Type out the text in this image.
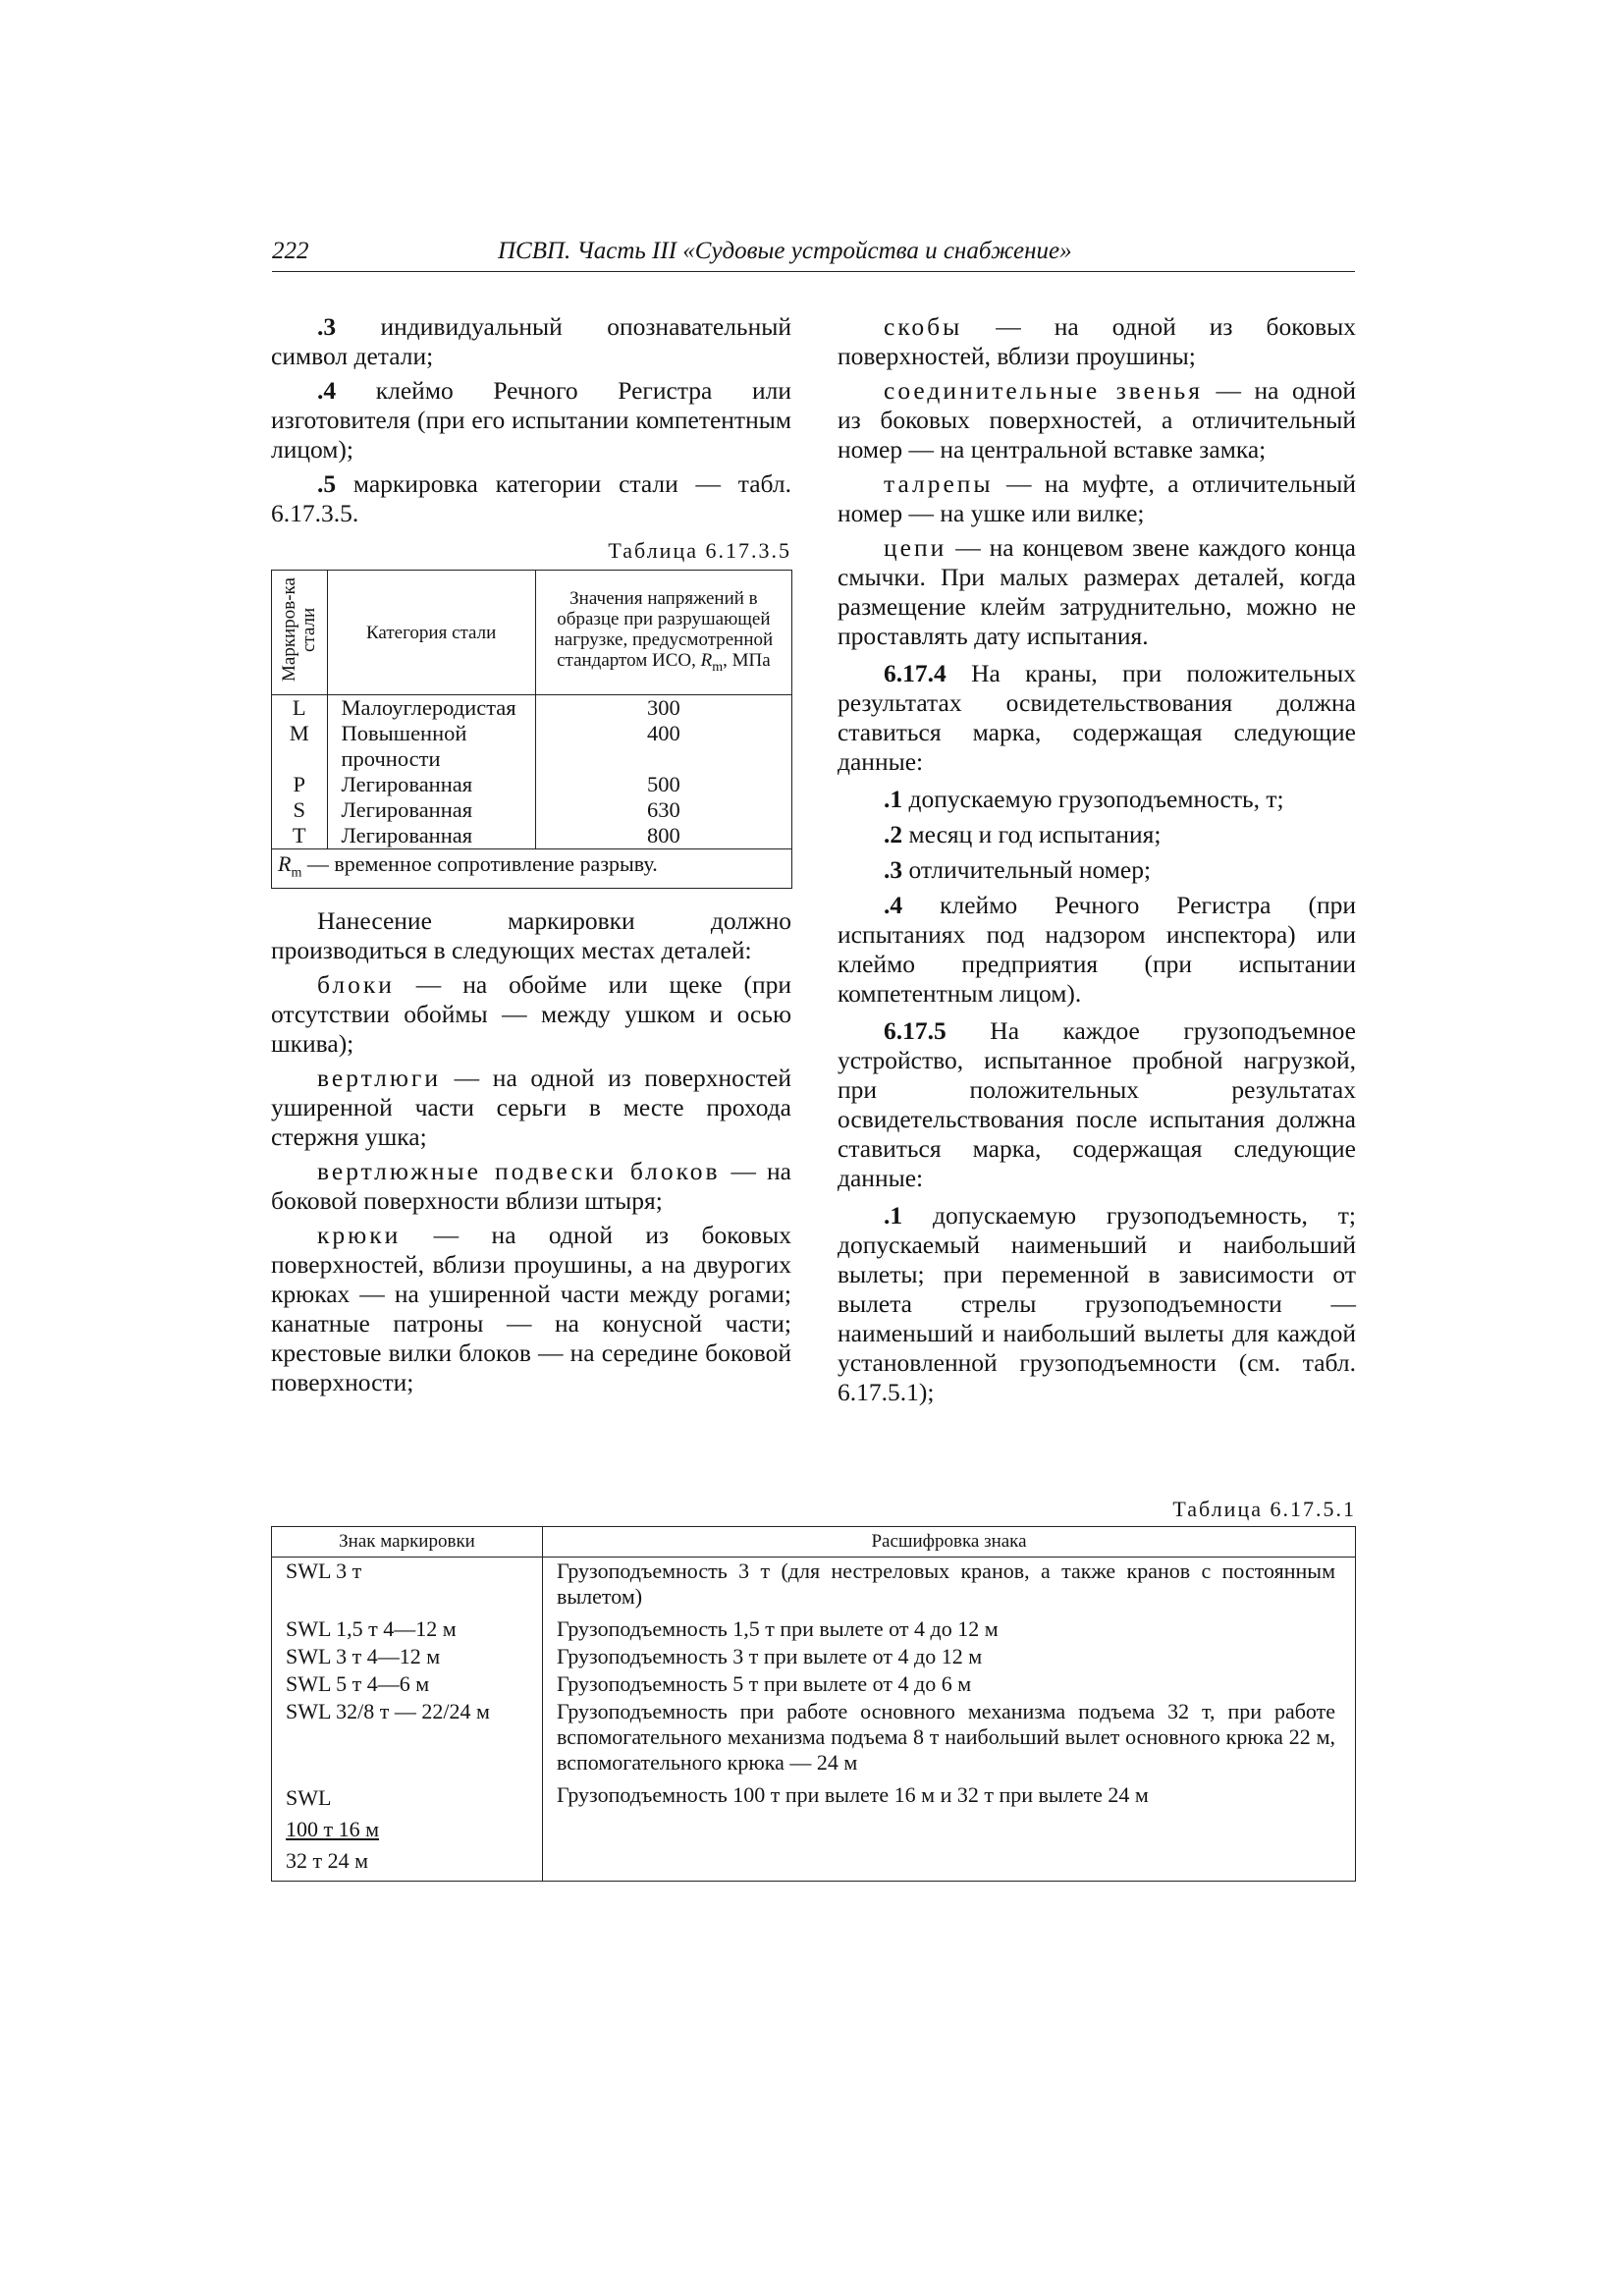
222	ПСВП. Часть III «Судовые устройства и снабжение»

.3 индивидуальный опознавательный символ детали;

.4 клеймо Речного Регистра или изготовителя (при его испытании компетентным лицом);

.5 маркировка категории стали — табл. 6.17.3.5.

Таблица 6.17.3.5
Маркиров-ка стали	Категория стали	Значения напряжений в образце при разрушающей нагрузке, предусмотренной стандартом ИСО, $R_m$, МПа
L	Малоуглеродистая	300
M	Повышенной прочности	400
P	Легированная	500
S	Легированная	630
T	Легированная	800
$R_m$ — временное сопротивление разрыву.		

Нанесение маркировки должно производиться в следующих местах деталей:

блоки — на обойме или щеке (при отсутствии обоймы — между ушком и осью шкива);

вертлюги — на одной из поверхностей уширенной части серьги в месте прохода стержня ушка;

вертлюжные подвески блоков — на боковой поверхности вблизи штыря;

крюки — на одной из боковых поверхностей, вблизи проушины, а на двурогих крюках — на уширенной части между рогами; канатные патроны — на конусной части; крестовые вилки блоков — на середине боковой поверхности;

скобы — на одной из боковых поверхностей, вблизи проушины;

соединительные звенья — на одной из боковых поверхностей, а отличительный номер — на центральной вставке замка;

талрепы — на муфте, а отличительный номер — на ушке или вилке;

цепи — на концевом звене каждого конца смычки. При малых размерах деталей, когда размещение клейм затруднительно, можно не проставлять дату испытания.

6.17.4 На краны, при положительных результатах освидетельствования должна ставиться марка, содержащая следующие данные:

.1 допускаемую грузоподъемность, т;

.2 месяц и год испытания;

.3 отличительный номер;

.4 клеймо Речного Регистра (при испытаниях под надзором инспектора) или клеймо предприятия (при испытании компетентным лицом).

6.17.5 На каждое грузоподъемное устройство, испытанное пробной нагрузкой, при положительных результатах освидетельствования после испытания должна ставиться марка, содержащая следующие данные:

.1 допускаемую грузоподъемность, т; допускаемый наименьший и наибольший вылеты; при переменной в зависимости от вылета стрелы грузоподъемности — наименьший и наибольший вылеты для каждой установленной грузоподъемности (см. табл. 6.17.5.1);

Таблица 6.17.5.1
Знак маркировки	Расшифровка знака
SWL 3 т	Грузоподъемность 3 т (для нестреловых кранов, а также кранов с постоянным вылетом)
SWL 1,5 т 4—12 м	Грузоподъемность 1,5 т при вылете от 4 до 12 м
SWL 3 т 4—12 м	Грузоподъемность 3 т при вылете от 4 до 12 м
SWL 5 т 4—6 м	Грузоподъемность 5 т при вылете от 4 до 6 м
SWL 32/8 т — 22/24 м	Грузоподъемность при работе основного механизма подъема 32 т, при работе вспомогательного механизма подъема 8 т наибольший вылет основного крюка 22 м, вспомогательного крюка — 24 м

SWL
100 т 16 м
32 т 24 м	Грузоподъемность 100 т при вылете 16 м и 32 т при вылете 24 м
